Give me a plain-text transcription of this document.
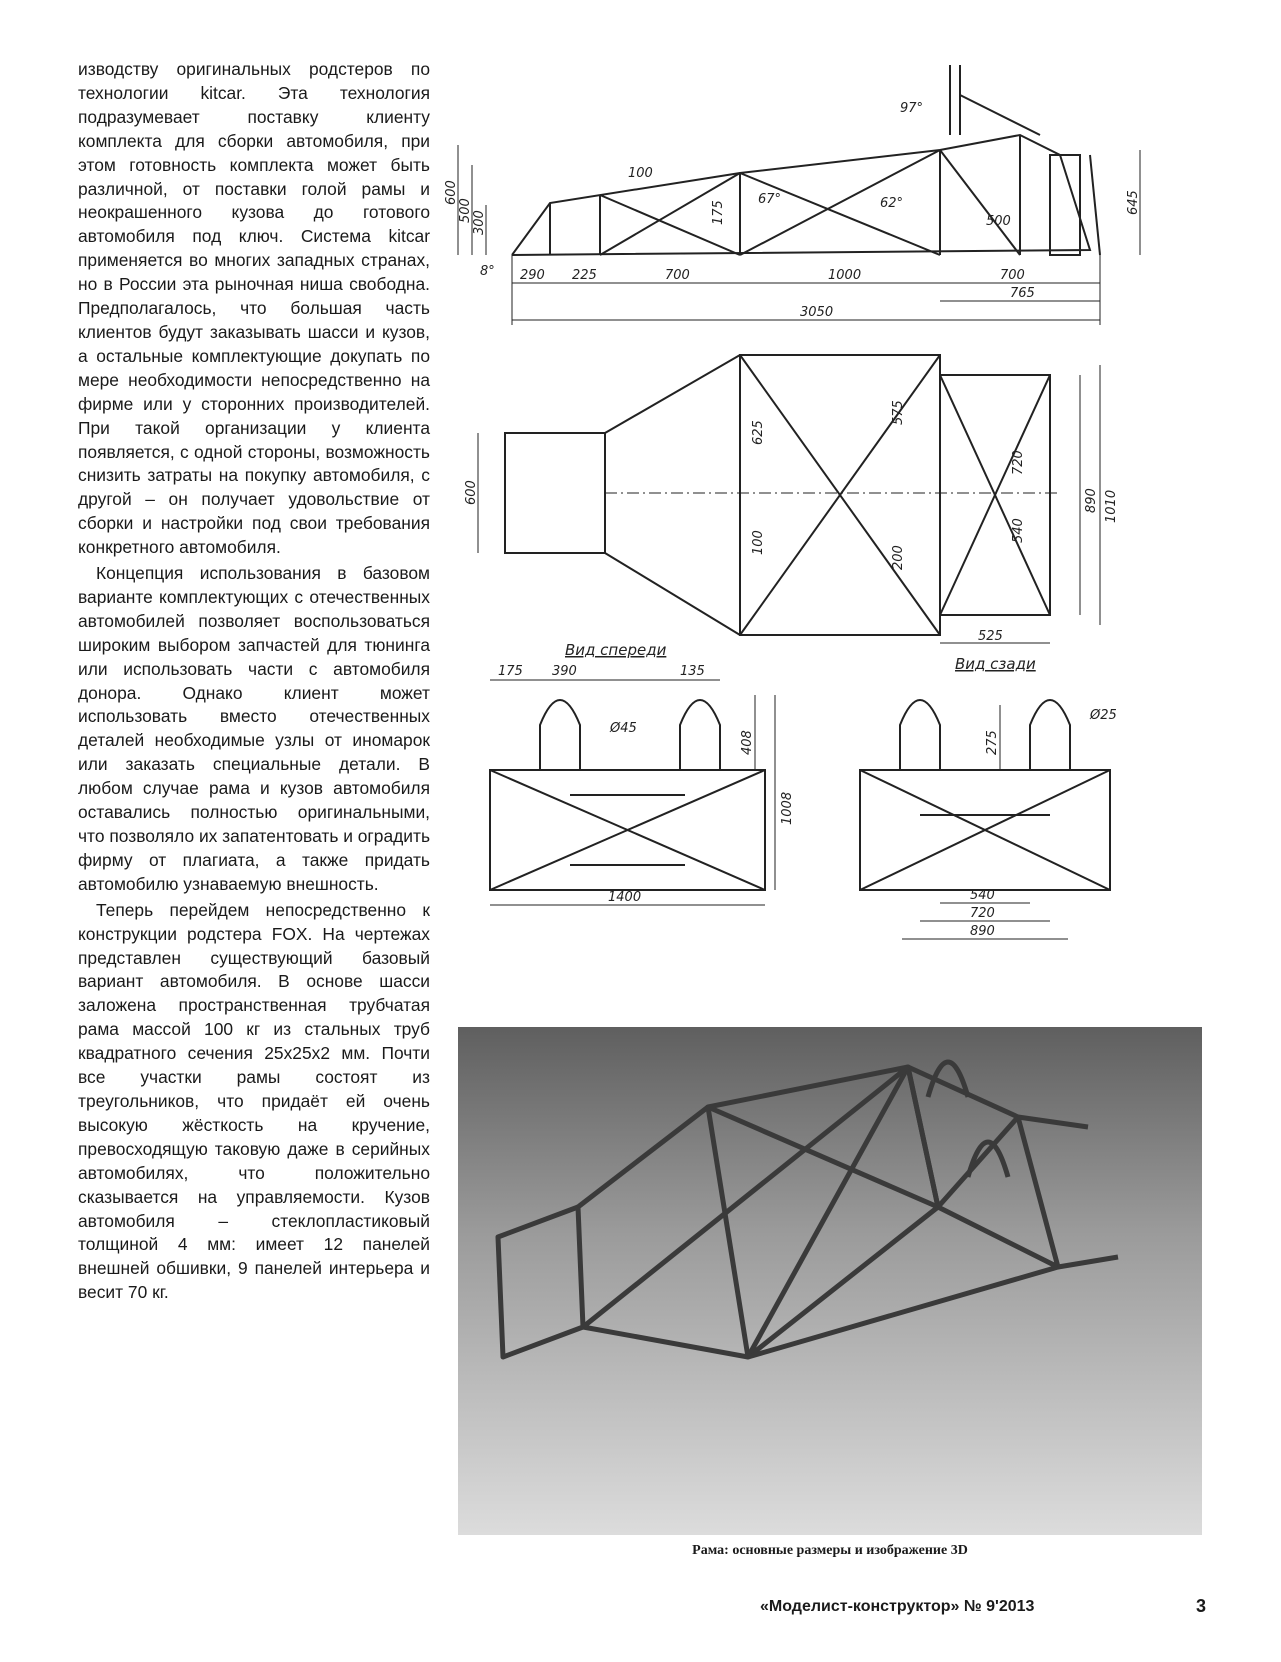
изводству оригинальных родстеров по технологии kitcar. Эта технология подразумевает поставку клиенту комплекта для сборки автомобиля, при этом готовность комплекта может быть различной, от поставки голой рамы и неокрашенного кузова до готового автомобиля под ключ. Система kitcar применяется во многих западных странах, но в России эта рыночная ниша свободна. Предполагалось, что большая часть клиентов будут заказывать шасси и кузов, а остальные комплектующие докупать по мере необходимости непосредственно на фирме или у сторонних производителей. При такой организации у клиента появляется, с одной стороны, возможность снизить затраты на покупку автомобиля, с другой – он получает удовольствие от сборки и настройки под свои требования конкретного автомобиля.

Концепция использования в базовом варианте комплектующих с отечественных автомобилей позволяет воспользоваться широким выбором запчастей для тюнинга или использовать части с автомобиля донора. Однако клиент может использовать вместо отечественных деталей необходимые узлы от иномарок или заказать специальные детали. В любом случае рама и кузов автомобиля оставались полностью оригинальными, что позволяло их запатентовать и оградить фирму от плагиата, а также придать автомобилю узнаваемую внешность.

Теперь перейдем непосредственно к конструкции родстера FOX. На чертежах представлен существующий базовый вариант автомобиля. В основе шасси заложена пространственная трубчатая рама массой 100 кг из стальных труб квадратного сечения 25x25x2 мм. Почти все участки рамы состоят из треугольников, что придаёт ей очень высокую жёсткость на кручение, превосходящую таковую даже в серийных автомобилях, что положительно сказывается на управляемости. Кузов автомобиля – стеклопластиковый толщиной 4 мм: имеет 12 панелей внешней обшивки, 9 панелей интерьера и весит 70 кг.

97°
67°	62°
8°
600
500 300	175	645
100
500
290 225	700	1000	700
765
3050
600
625
575
100
200
720
540
890 1010
525
Вид спереди
175 390	135
Ø45
408
1008
1400
Вид сзади
Ø25
275
540
720
890
Рама: основные размеры и изображение 3D
«Моделист-конструктор» № 9'2013	3
